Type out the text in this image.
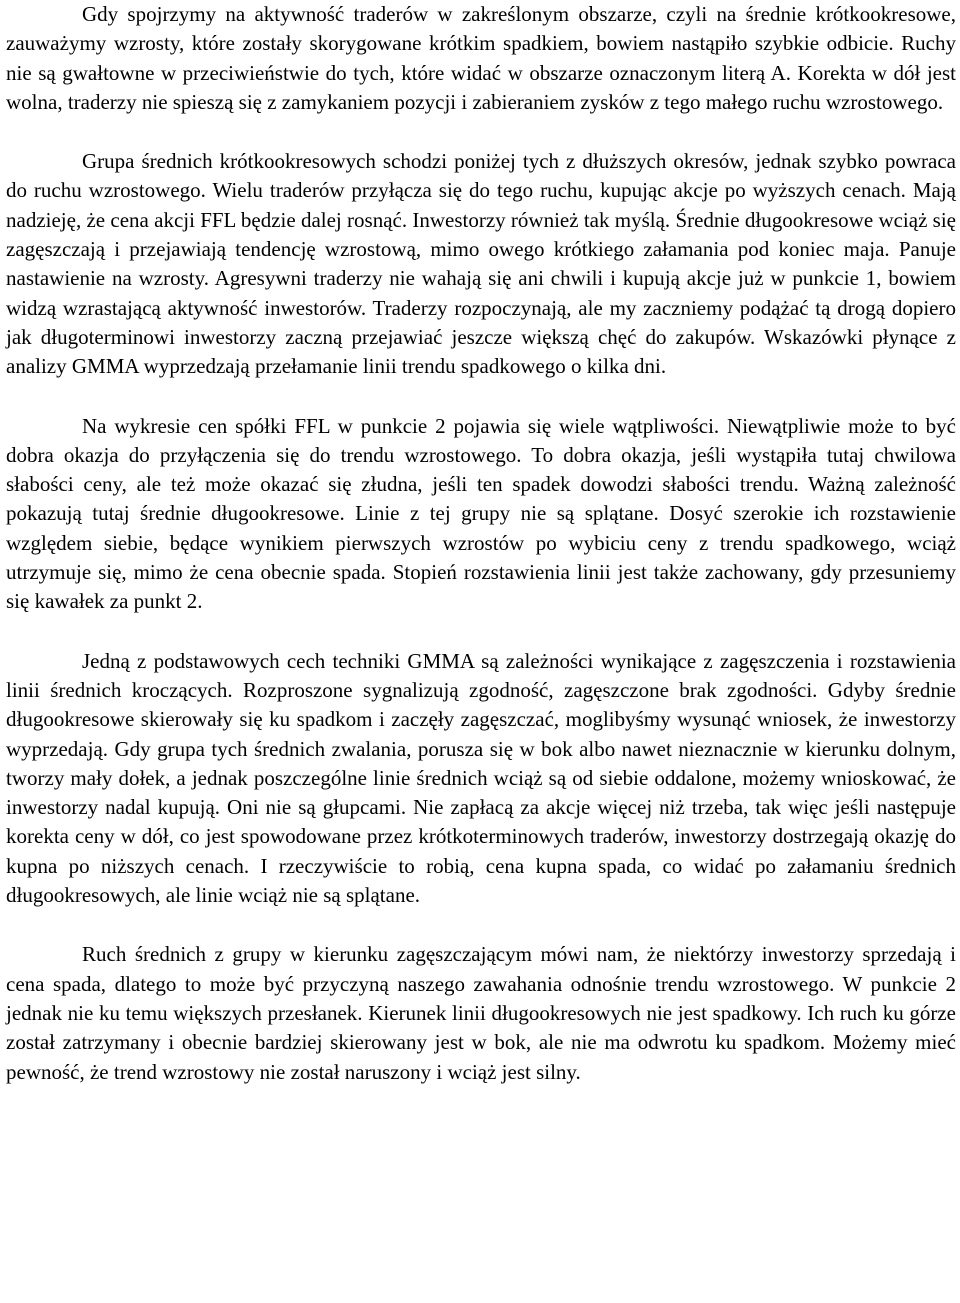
Gdy spojrzymy na aktywność traderów w zakreślonym obszarze, czyli na średnie krótkookresowe, zauważymy wzrosty, które zostały skorygowane krótkim spadkiem, bowiem nastąpiło szybkie odbicie. Ruchy nie są gwałtowne w przeciwieństwie do tych, które widać w obszarze oznaczonym literą A. Korekta w dół jest wolna, traderzy nie spieszą się z zamykaniem pozycji i zabieraniem zysków z tego małego ruchu wzrostowego.

Grupa średnich krótkookresowych schodzi poniżej tych z dłuższych okresów, jednak szybko powraca do ruchu wzrostowego. Wielu traderów przyłącza się do tego ruchu, kupując akcje po wyższych cenach. Mają nadzieję, że cena akcji FFL będzie dalej rosnąć. Inwestorzy również tak myślą. Średnie długookresowe wciąż się zagęszczają i przejawiają tendencję wzrostową, mimo owego krótkiego załamania pod koniec maja. Panuje nastawienie na wzrosty. Agresywni traderzy nie wahają się ani chwili i kupują akcje już w punkcie 1, bowiem widzą wzrastającą aktywność inwestorów. Traderzy rozpoczynają, ale my zaczniemy podążać tą drogą dopiero jak długoterminowi inwestorzy zaczną przejawiać jeszcze większą chęć do zakupów. Wskazówki płynące z analizy GMMA wyprzedzają przełamanie linii trendu spadkowego o kilka dni.

Na wykresie cen spółki FFL w punkcie 2 pojawia się wiele wątpliwości. Niewątpliwie może to być dobra okazja do przyłączenia się do trendu wzrostowego. To dobra okazja, jeśli wystąpiła tutaj chwilowa słabości ceny, ale też może okazać się złudna, jeśli ten spadek dowodzi słabości trendu. Ważną zależność pokazują tutaj średnie długookresowe. Linie z tej grupy nie są splątane. Dosyć szerokie ich rozstawienie względem siebie, będące wynikiem pierwszych wzrostów po wybiciu ceny z trendu spadkowego, wciąż utrzymuje się, mimo że cena obecnie spada. Stopień rozstawienia linii jest także zachowany, gdy przesuniemy się kawałek za punkt 2.

Jedną z podstawowych cech techniki GMMA są zależności wynikające z zagęszczenia i rozstawienia linii średnich kroczących. Rozproszone sygnalizują zgodność, zagęszczone brak zgodności. Gdyby średnie długookresowe skierowały się ku spadkom i zaczęły zagęszczać, moglibyśmy wysunąć wniosek, że inwestorzy wyprzedają. Gdy grupa tych średnich zwalania, porusza się w bok albo nawet nieznacznie w kierunku dolnym, tworzy mały dołek, a jednak poszczególne linie średnich wciąż są od siebie oddalone, możemy wnioskować, że inwestorzy nadal kupują. Oni nie są głupcami. Nie zapłacą za akcje więcej niż trzeba, tak więc jeśli następuje korekta ceny w dół, co jest spowodowane przez krótkoterminowych traderów, inwestorzy dostrzegają okazję do kupna po niższych cenach. I rzeczywiście to robią, cena kupna spada, co widać po załamaniu średnich długookresowych, ale linie wciąż nie są splątane.

Ruch średnich z grupy w kierunku zagęszczającym mówi nam, że niektórzy inwestorzy sprzedają i cena spada, dlatego to może być przyczyną naszego zawahania odnośnie trendu wzrostowego. W punkcie 2 jednak nie ku temu większych przesłanek. Kierunek linii długookresowych nie jest spadkowy. Ich ruch ku górze został zatrzymany i obecnie bardziej skierowany jest w bok, ale nie ma odwrotu ku spadkom. Możemy mieć pewność, że trend wzrostowy nie został naruszony i wciąż jest silny.
